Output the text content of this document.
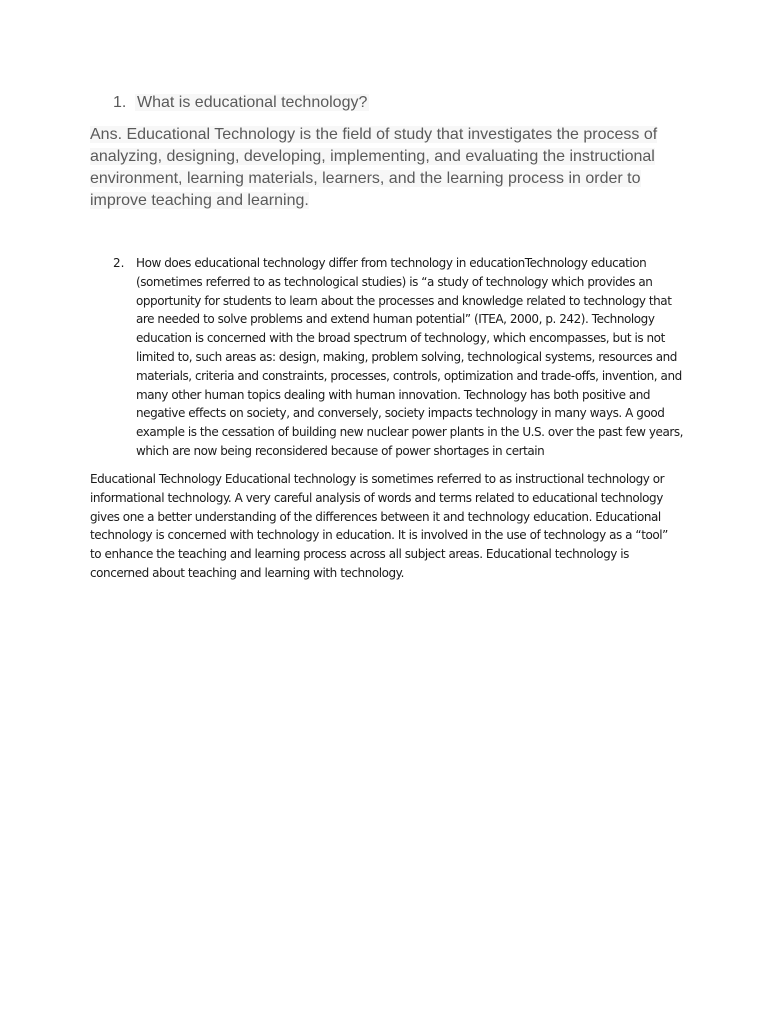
1. What is educational technology?
Ans. Educational Technology is the field of study that investigates the process of analyzing, designing, developing, implementing, and evaluating the instructional environment, learning materials, learners, and the learning process in order to improve teaching and learning.
2. How does educational technology differ from technology in educationTechnology education (sometimes referred to as technological studies) is “a study of technology which provides an opportunity for students to learn about the processes and knowledge related to technology that are needed to solve problems and extend human potential” (ITEA, 2000, p. 242). Technology education is concerned with the broad spectrum of technology, which encompasses, but is not limited to, such areas as: design, making, problem solving, technological systems, resources and materials, criteria and constraints, processes, controls, optimization and trade-offs, invention, and many other human topics dealing with human innovation. Technology has both positive and negative effects on society, and conversely, society impacts technology in many ways. A good example is the cessation of building new nuclear power plants in the U.S. over the past few years, which are now being reconsidered because of power shortages in certain
Educational Technology Educational technology is sometimes referred to as instructional technology or informational technology. A very careful analysis of words and terms related to educational technology gives one a better understanding of the differences between it and technology education. Educational technology is concerned with technology in education. It is involved in the use of technology as a “tool” to enhance the teaching and learning process across all subject areas. Educational technology is concerned about teaching and learning with technology.
